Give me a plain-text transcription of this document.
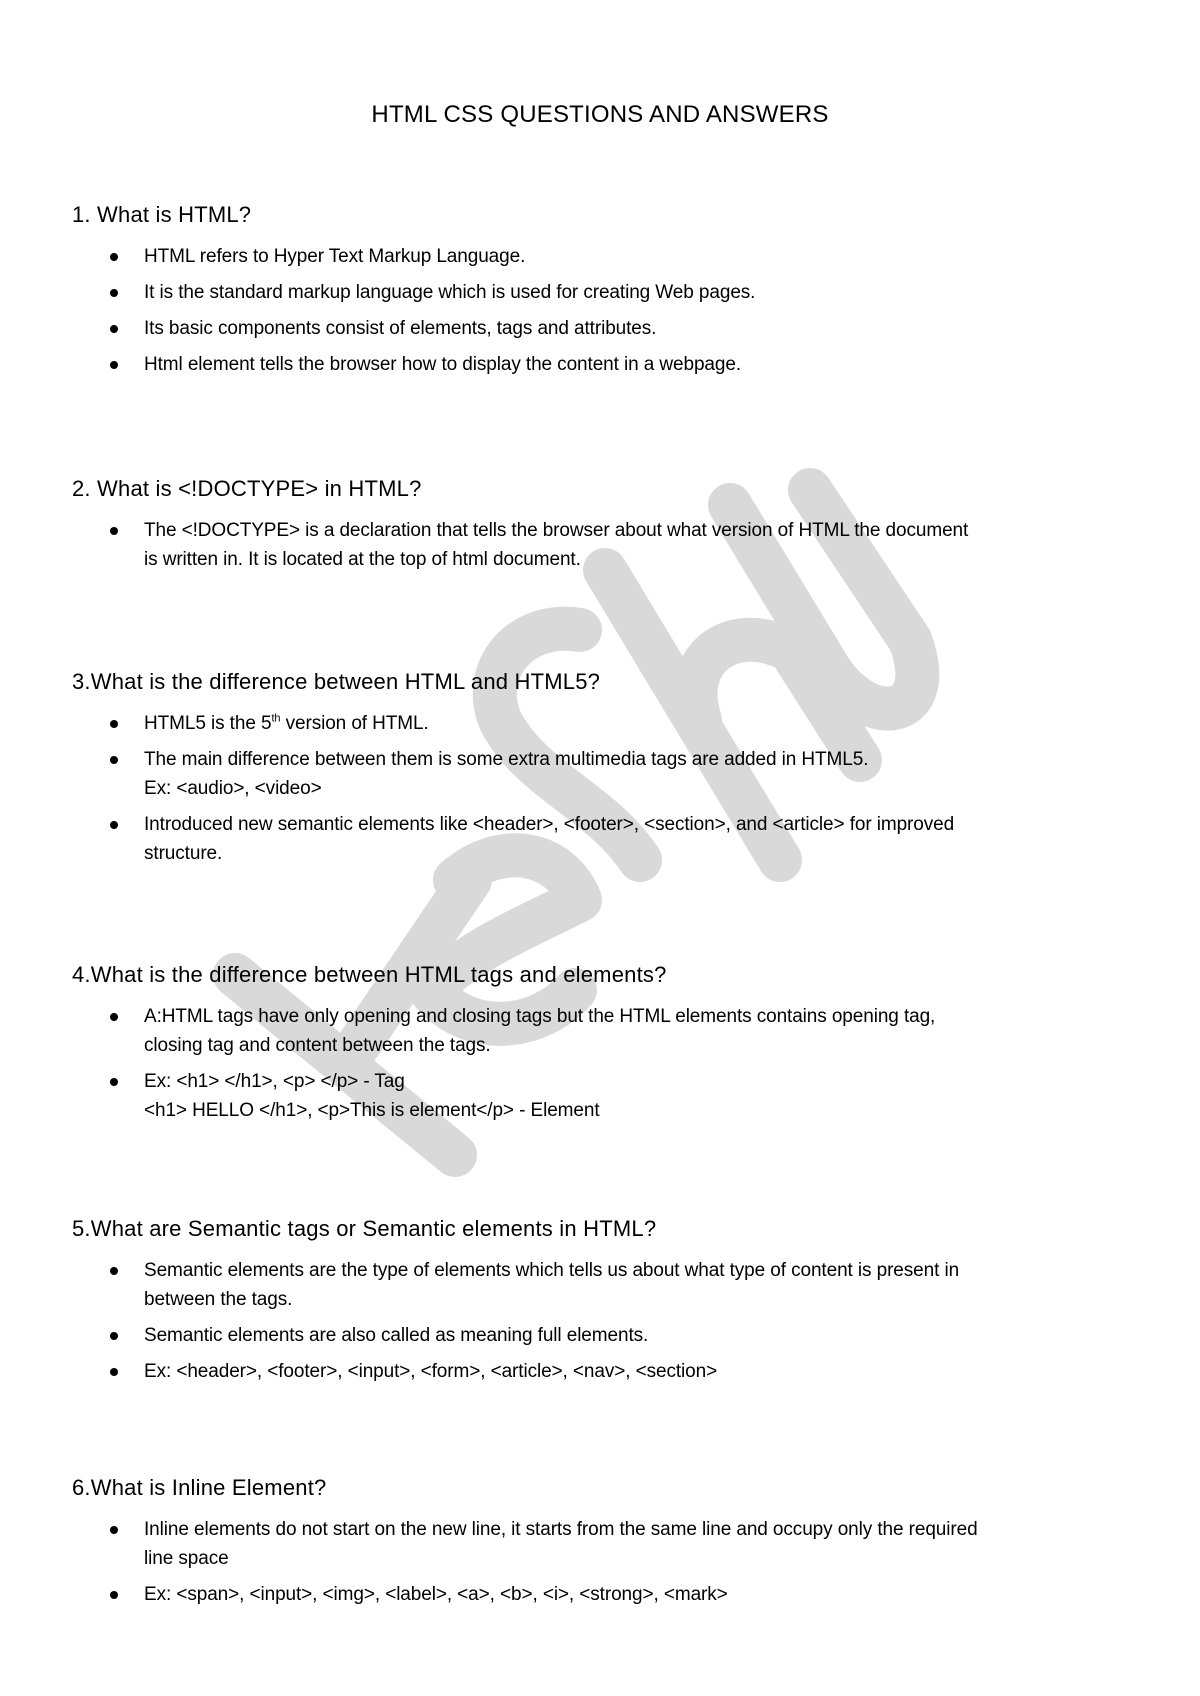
HTML CSS QUESTIONS AND ANSWERS
1. What is HTML?
HTML refers to Hyper Text Markup Language.
It is the standard markup language which is used for creating Web pages.
Its basic components consist of elements, tags and attributes.
Html element tells the browser how to display the content in a webpage.
2. What is <!DOCTYPE> in HTML?
The <!DOCTYPE> is a declaration that tells the browser about what version of HTML the document
is written in. It is located at the top of html document.
3.What is the difference between HTML and HTML5?
HTML5 is the 5th version of HTML.
The main difference between them is some extra multimedia tags are added in HTML5.
Ex: <audio>, <video>
Introduced new semantic elements like <header>, <footer>, <section>, and <article> for improved
structure.
4.What is the difference between HTML tags and elements?
A:HTML tags have only opening and closing tags but the HTML elements contains opening tag,
closing tag and content between the tags.
Ex: <h1> </h1>, <p> </p> - Tag
<h1> HELLO </h1>, <p>This is element</p> - Element
5.What are Semantic tags or Semantic elements in HTML?
Semantic elements are the type of elements which tells us about what type of content is present in
between the tags.
Semantic elements are also called as meaning full elements.
Ex: <header>, <footer>, <input>, <form>, <article>, <nav>, <section>
6.What is Inline Element?
Inline elements do not start on the new line, it starts from the same line and occupy only the required
line space
Ex: <span>, <input>, <img>, <label>, <a>, <b>, <i>, <strong>, <mark>
